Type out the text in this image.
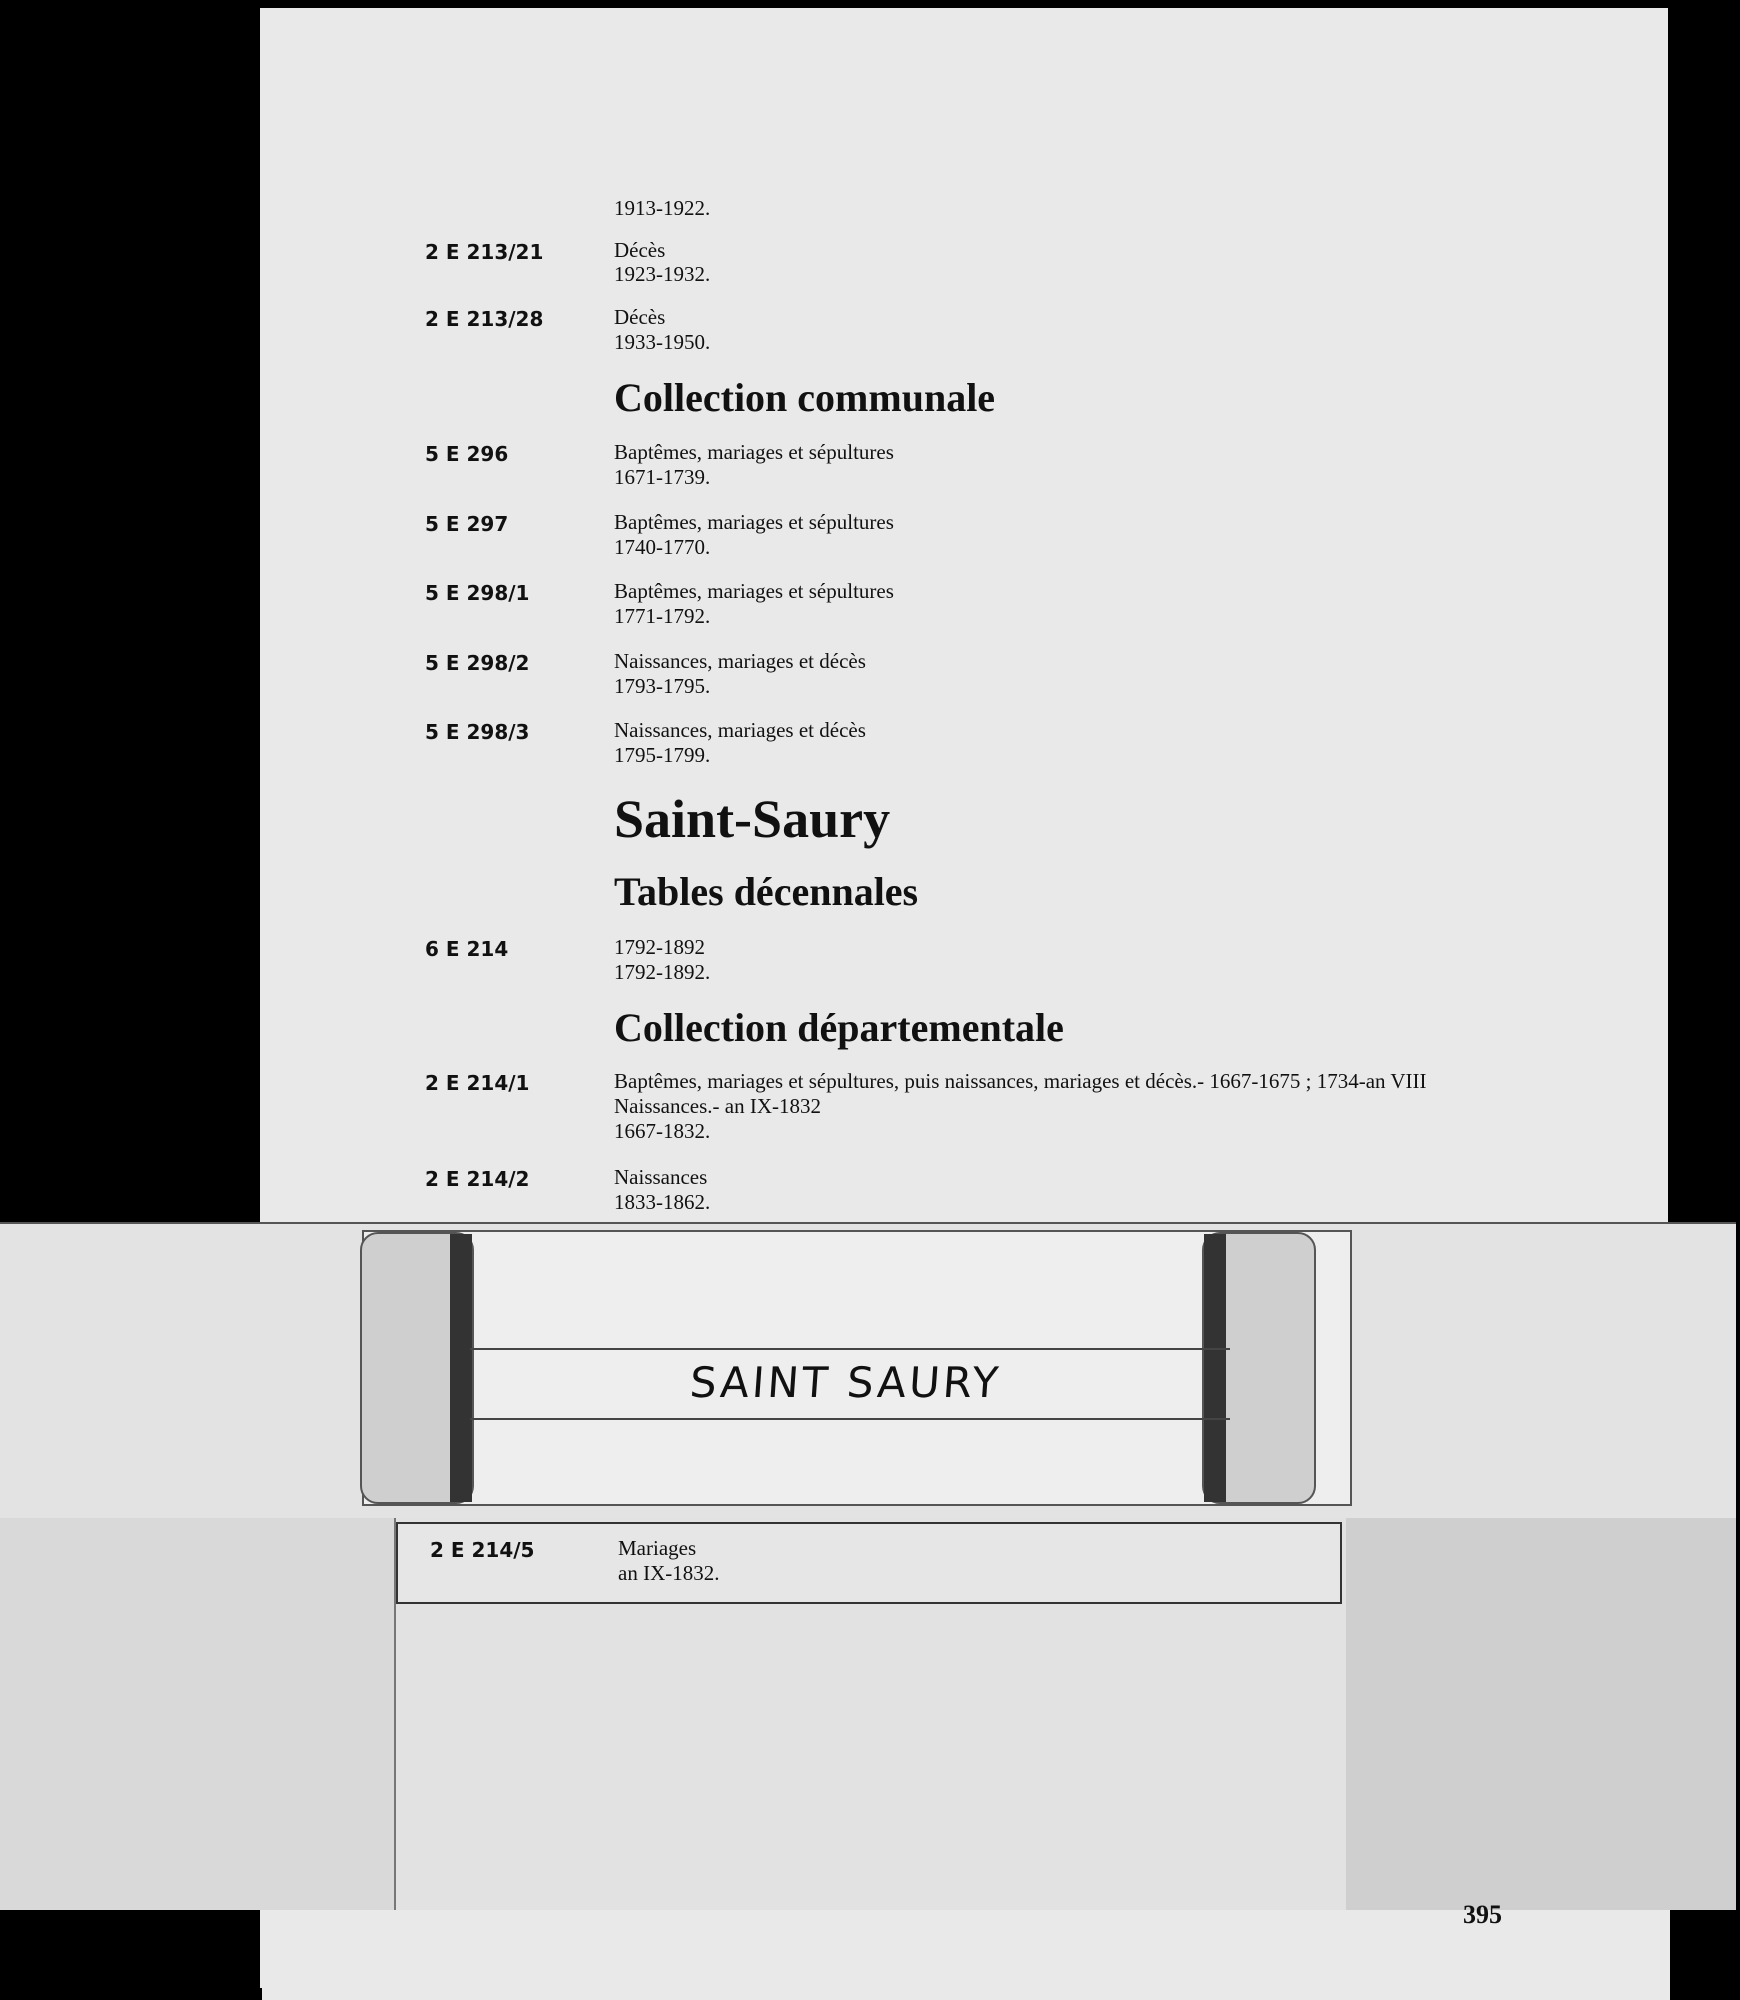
1913-1922.
2 E 213/21	Décès
1923-1932.
2 E 213/28	Décès
1933-1950.
Collection communale
5 E 296	Baptêmes, mariages et sépultures
1671-1739.
5 E 297	Baptêmes, mariages et sépultures
1740-1770.
5 E 298/1	Baptêmes, mariages et sépultures
1771-1792.
5 E 298/2	Naissances, mariages et décès
1793-1795.
5 E 298/3	Naissances, mariages et décès
1795-1799.
Saint-Saury
Tables décennales
6 E 214	1792-1892
1792-1892.
Collection départementale
2 E 214/1	Baptêmes, mariages et sépultures, puis naissances, mariages et décès.- 1667-1675 ; 1734-an VIII
Naissances.- an IX-1832
1667-1832.
2 E 214/2	Naissances
1833-1862.
SAINT SAURY
2 E 214/5	Mariages
an IX-1832.
395
